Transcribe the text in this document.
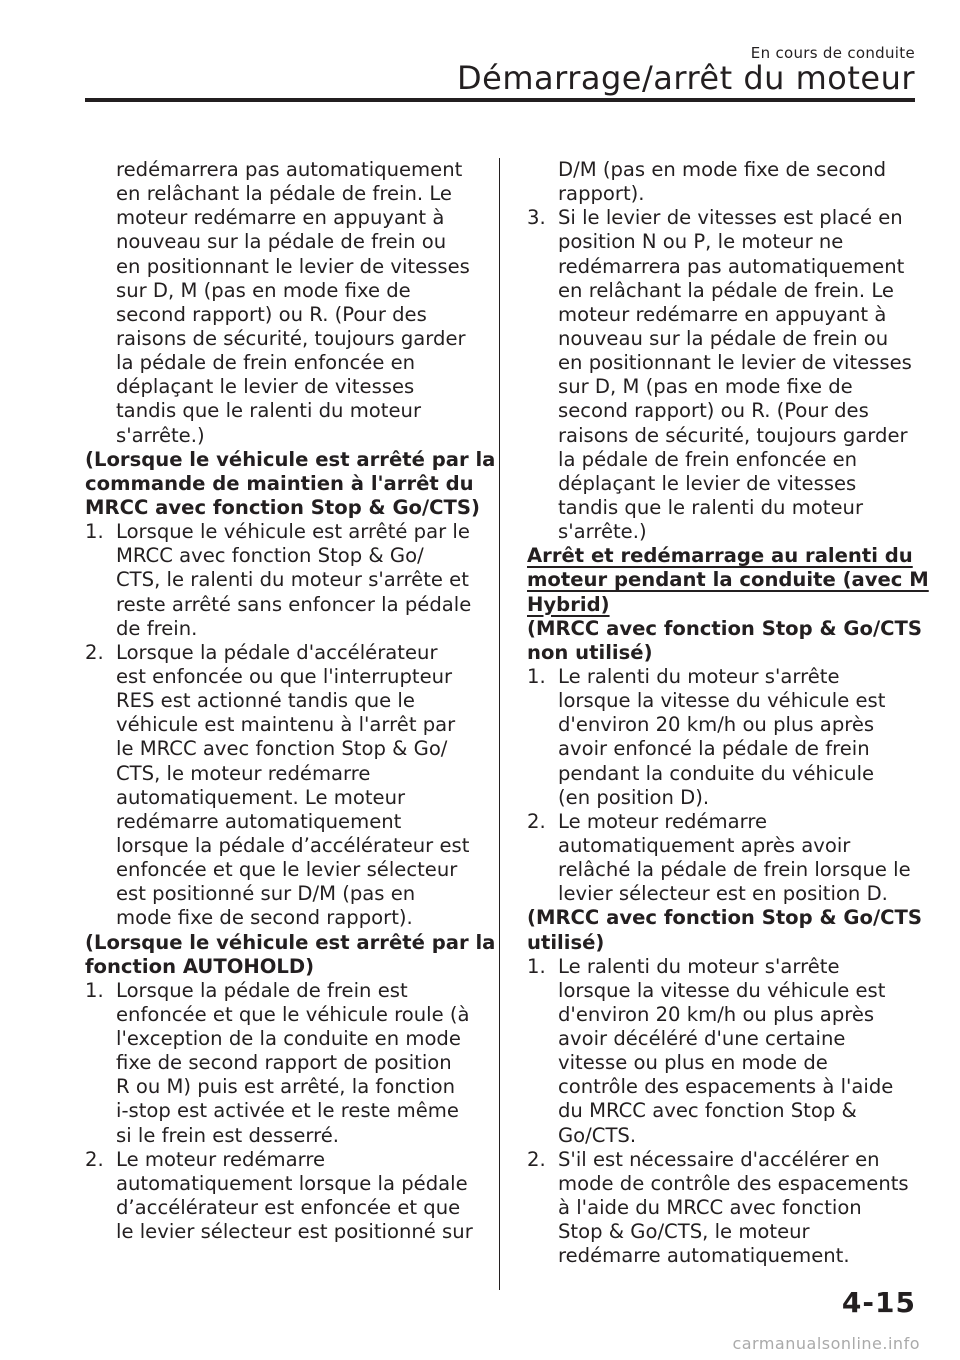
En cours de conduite
Démarrage/arrêt du moteur
redémarrera pas automatiquement
en relâchant la pédale de frein. Le
moteur redémarre en appuyant à
nouveau sur la pédale de frein ou
en positionnant le levier de vitesses
sur D, M (pas en mode fixe de
second rapport) ou R. (Pour des
raisons de sécurité, toujours garder
la pédale de frein enfoncée en
déplaçant le levier de vitesses
tandis que le ralenti du moteur
s'arrête.)
(Lorsque le véhicule est arrêté par la
commande de maintien à l'arrêt du
MRCC avec fonction Stop & Go/CTS)
1. Lorsque le véhicule est arrêté par le
MRCC avec fonction Stop & Go/
CTS, le ralenti du moteur s'arrête et
reste arrêté sans enfoncer la pédale
de frein.
2. Lorsque la pédale d'accélérateur
est enfoncée ou que l'interrupteur
RES est actionné tandis que le
véhicule est maintenu à l'arrêt par
le MRCC avec fonction Stop & Go/
CTS, le moteur redémarre
automatiquement. Le moteur
redémarre automatiquement
lorsque la pédale d’accélérateur est
enfoncée et que le levier sélecteur
est positionné sur D/M (pas en
mode fixe de second rapport).
(Lorsque le véhicule est arrêté par la
fonction AUTOHOLD)
1. Lorsque la pédale de frein est
enfoncée et que le véhicule roule (à
l'exception de la conduite en mode
fixe de second rapport de position
R ou M) puis est arrêté, la fonction
i-stop est activée et le reste même
si le frein est desserré.
2. Le moteur redémarre
automatiquement lorsque la pédale
d’accélérateur est enfoncée et que
le levier sélecteur est positionné sur
D/M (pas en mode fixe de second
rapport).
3. Si le levier de vitesses est placé en
position N ou P, le moteur ne
redémarrera pas automatiquement
en relâchant la pédale de frein. Le
moteur redémarre en appuyant à
nouveau sur la pédale de frein ou
en positionnant le levier de vitesses
sur D, M (pas en mode fixe de
second rapport) ou R. (Pour des
raisons de sécurité, toujours garder
la pédale de frein enfoncée en
déplaçant le levier de vitesses
tandis que le ralenti du moteur
s'arrête.)
Arrêt et redémarrage au ralenti du
moteur pendant la conduite (avec M
Hybrid)
(MRCC avec fonction Stop & Go/CTS
non utilisé)
1. Le ralenti du moteur s'arrête
lorsque la vitesse du véhicule est
d'environ 20 km/h ou plus après
avoir enfoncé la pédale de frein
pendant la conduite du véhicule
(en position D).
2. Le moteur redémarre
automatiquement après avoir
relâché la pédale de frein lorsque le
levier sélecteur est en position D.
(MRCC avec fonction Stop & Go/CTS
utilisé)
1. Le ralenti du moteur s'arrête
lorsque la vitesse du véhicule est
d'environ 20 km/h ou plus après
avoir décéléré d'une certaine
vitesse ou plus en mode de
contrôle des espacements à l'aide
du MRCC avec fonction Stop &
Go/CTS.
2. S'il est nécessaire d'accélérer en
mode de contrôle des espacements
à l'aide du MRCC avec fonction
Stop & Go/CTS, le moteur
redémarre automatiquement.
4-15
carmanualsonline.info
